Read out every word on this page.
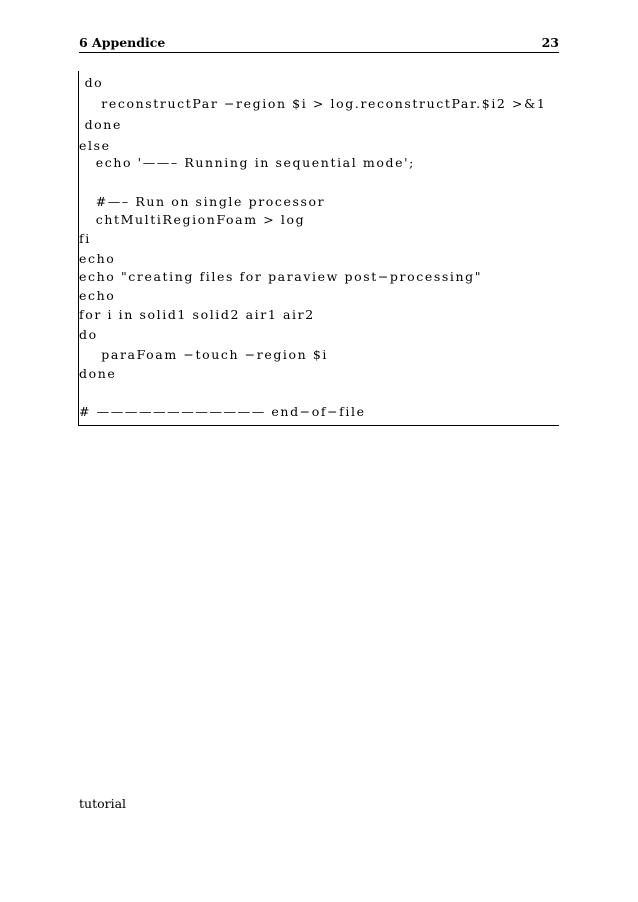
6 Appendice	23
do
reconstructPar −region $i > log.reconstructPar.$i2 >&1
done
else
echo '——– Running in sequential mode';
#—– Run on single processor
chtMultiRegionFoam > log
fi
echo
echo "creating files for paraview post−processing"
echo
for i in solid1 solid2 air1 air2
do
paraFoam −touch −region $i
done
# ———————————— end−of−file
tutorial
